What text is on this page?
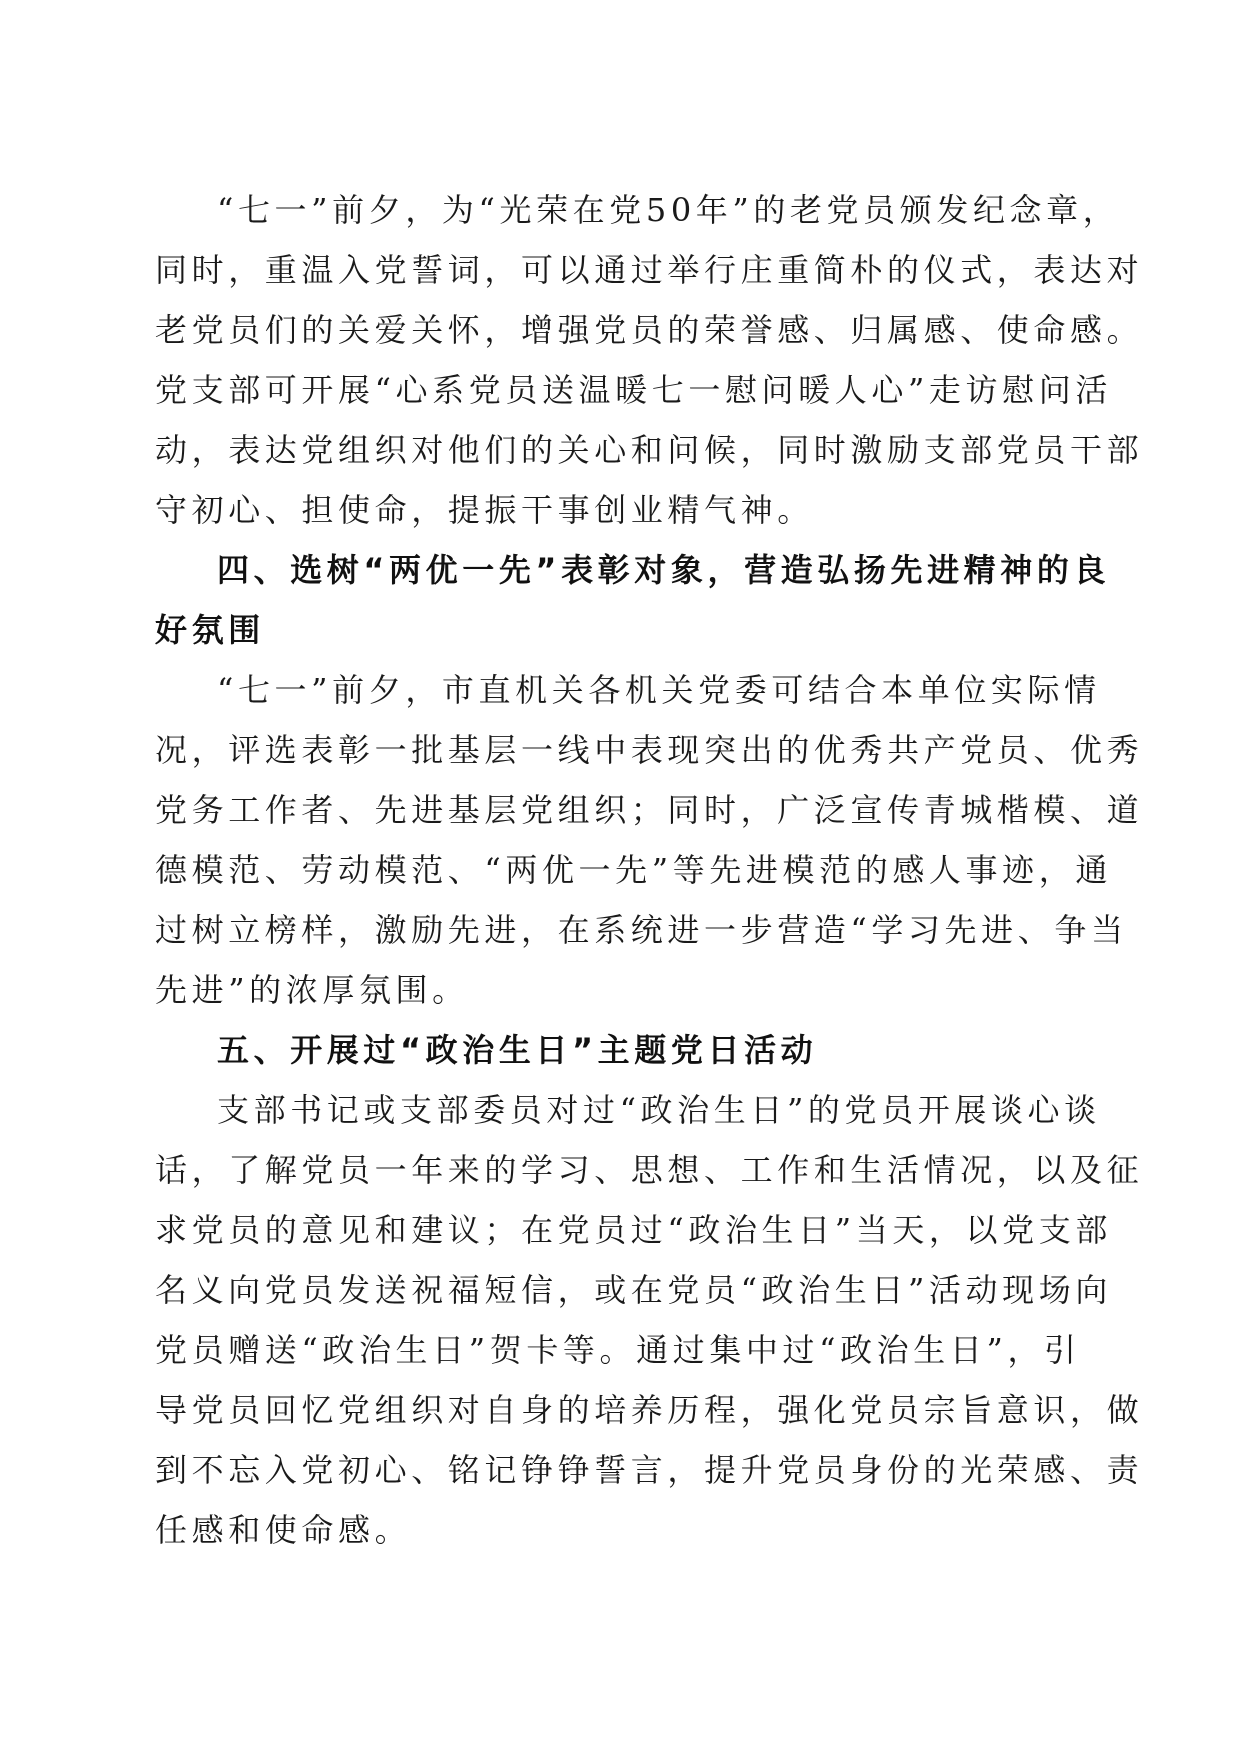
“七一”前夕，为“光荣在党50年”的老党员颁发纪念章，
同时，重温入党誓词，可以通过举行庄重简朴的仪式，表达对
老党员们的关爱关怀，增强党员的荣誉感、归属感、使命感。
党支部可开展“心系党员送温暖七一慰问暖人心”走访慰问活
动，表达党组织对他们的关心和问候，同时激励支部党员干部
守初心、担使命，提振干事创业精气神。
四、选树“两优一先”表彰对象，营造弘扬先进精神的良
好氛围
“七一”前夕，市直机关各机关党委可结合本单位实际情
况，评选表彰一批基层一线中表现突出的优秀共产党员、优秀
党务工作者、先进基层党组织；同时，广泛宣传青城楷模、道
德模范、劳动模范、“两优一先”等先进模范的感人事迹，通
过树立榜样，激励先进，在系统进一步营造“学习先进、争当
先进”的浓厚氛围。
五、开展过“政治生日”主题党日活动
支部书记或支部委员对过“政治生日”的党员开展谈心谈
话，了解党员一年来的学习、思想、工作和生活情况，以及征
求党员的意见和建议；在党员过“政治生日”当天，以党支部
名义向党员发送祝福短信，或在党员“政治生日”活动现场向
党员赠送“政治生日”贺卡等。通过集中过“政治生日”，引
导党员回忆党组织对自身的培养历程，强化党员宗旨意识，做
到不忘入党初心、铭记铮铮誓言，提升党员身份的光荣感、责
任感和使命感。
